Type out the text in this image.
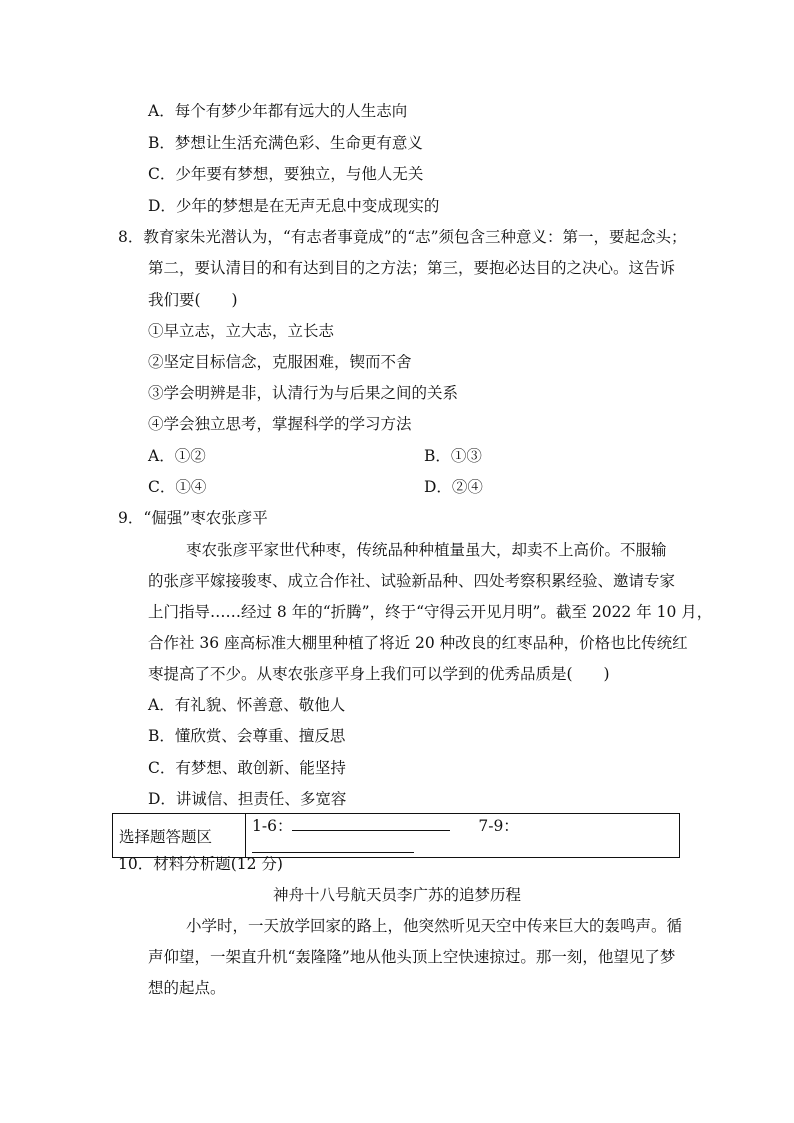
A．每个有梦少年都有远大的人生志向
B．梦想让生活充满色彩、生命更有意义
C．少年要有梦想，要独立，与他人无关
D．少年的梦想是在无声无息中变成现实的
8．教育家朱光潜认为，“有志者事竟成”的“志”须包含三种意义：第一，要起念头；
第二，要认清目的和有达到目的之方法；第三，要抱必达目的之决心。这告诉
我们要(　　)
①早立志，立大志，立长志
②坚定目标信念，克服困难，锲而不舍
③学会明辨是非，认清行为与后果之间的关系
④学会独立思考，掌握科学的学习方法
A．①②	B．①③
C．①④	D．②④
9．“倔强”枣农张彦平
枣农张彦平家世代种枣，传统品种种植量虽大，却卖不上高价。不服输
的张彦平嫁接骏枣、成立合作社、试验新品种、四处考察积累经验、邀请专家
上门指导……经过 8 年的“折腾”，终于“守得云开见月明”。截至 2022 年 10 月，
合作社 36 座高标准大棚里种植了将近 20 种改良的红枣品种，价格也比传统红
枣提高了不少。从枣农张彦平身上我们可以学到的优秀品质是(　　)
A．有礼貌、怀善意、敬他人
B．懂欣赏、会尊重、擅反思
C．有梦想、敢创新、能坚持
D．讲诚信、担责任、多宽容
选择题答题区	1-6：	7-9：
10．材料分析题(12 分)
神舟十八号航天员李广苏的追梦历程
小学时，一天放学回家的路上，他突然听见天空中传来巨大的轰鸣声。循
声仰望，一架直升机“轰隆隆”地从他头顶上空快速掠过。那一刻，他望见了梦
想的起点。
